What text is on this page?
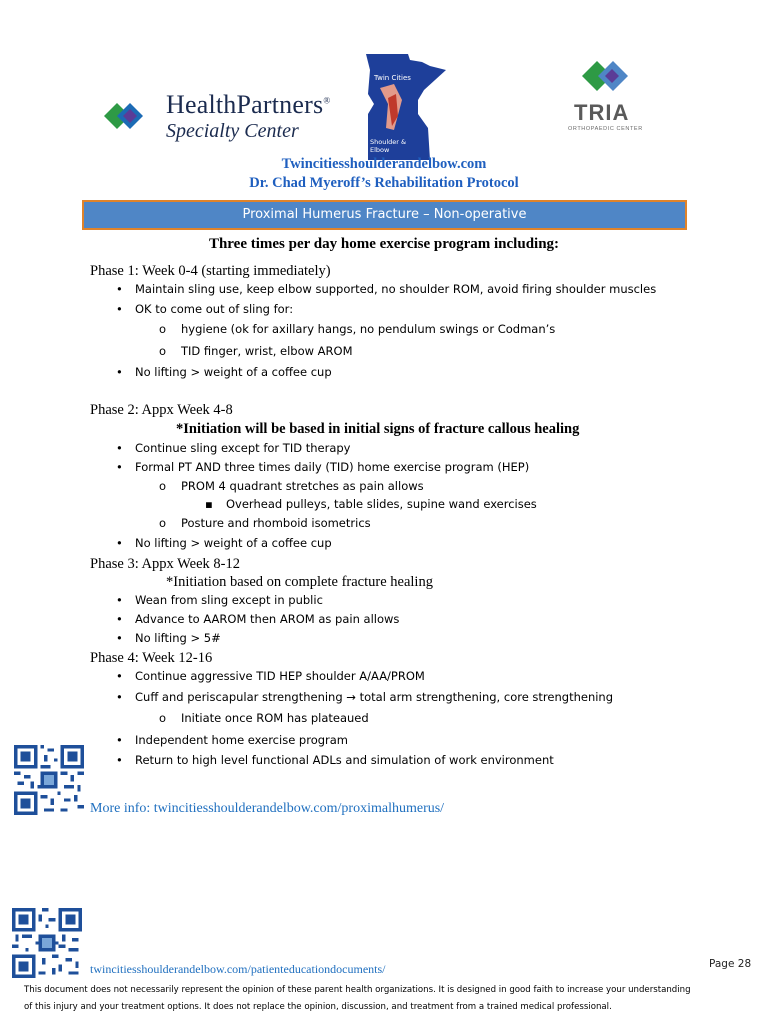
HealthPartners®
Specialty Center
Twin Cities
Shoulder &
Elbow
TRIA
ORTHOPAEDIC CENTER
Twincitiesshoulderandelbow.com
Dr. Chad Myeroff’s Rehabilitation Protocol
Proximal Humerus Fracture – Non-operative
Three times per day home exercise program including:
Phase 1: Week 0-4 (starting immediately)
• Maintain sling use, keep elbow supported, no shoulder ROM, avoid firing shoulder muscles
• OK to come out of sling for:
o hygiene (ok for axillary hangs, no pendulum swings or Codman’s
o TID finger, wrist, elbow AROM
• No lifting > weight of a coffee cup
Phase 2: Appx Week 4-8
*Initiation will be based in initial signs of fracture callous healing
• Continue sling except for TID therapy
• Formal PT AND three times daily (TID) home exercise program (HEP)
o PROM 4 quadrant stretches as pain allows
▪ Overhead pulleys, table slides, supine wand exercises
o Posture and rhomboid isometrics
• No lifting > weight of a coffee cup
Phase 3: Appx Week 8-12
*Initiation based on complete fracture healing
• Wean from sling except in public
• Advance to AAROM then AROM as pain allows
• No lifting > 5#
Phase 4: Week 12-16
• Continue aggressive TID HEP shoulder A/AA/PROM
• Cuff and periscapular strengthening → total arm strengthening, core strengthening
o Initiate once ROM has plateaued
• Independent home exercise program
• Return to high level functional ADLs and simulation of work environment
More info: twincitiesshoulderandelbow.com/proximalhumerus/
twincitiesshoulderandelbow.com/patienteducationdocuments/	Page 28
This document does not necessarily represent the opinion of these parent health organizations. It is designed in good faith to increase your understanding
of this injury and your treatment options. It does not replace the opinion, discussion, and treatment from a trained medical professional.
